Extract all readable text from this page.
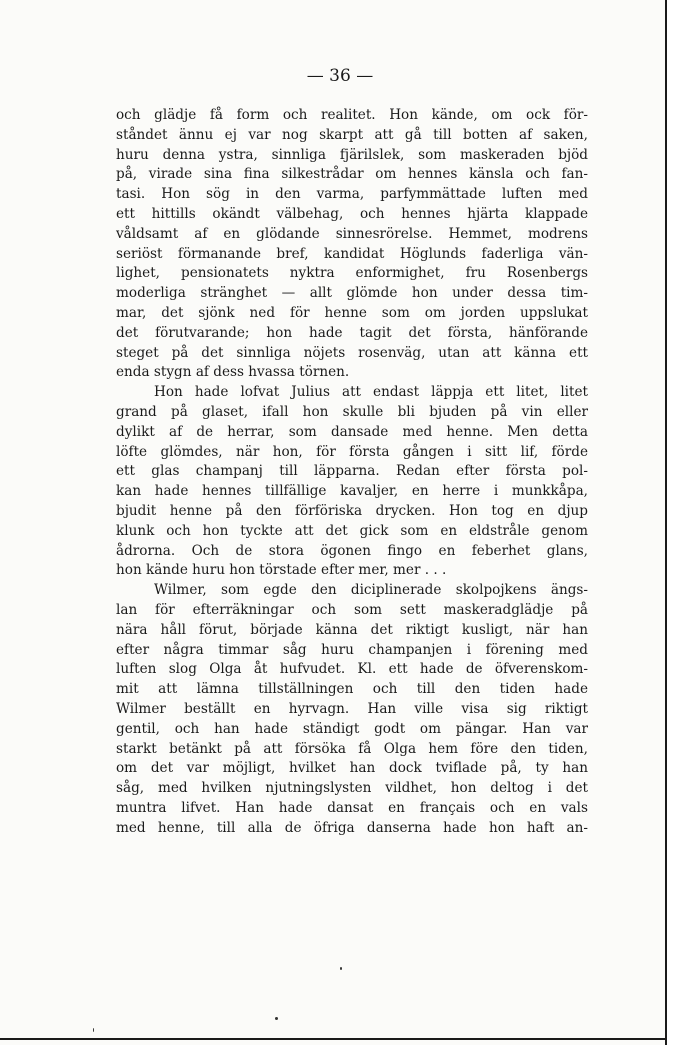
— 36 —
och glädje få form och realitet. Hon kände, om ock för-
ståndet ännu ej var nog skarpt att gå till botten af saken,
huru denna ystra, sinnliga fjärilslek, som maskeraden bjöd
på, virade sina fina silkestrådar om hennes känsla och fan-
tasi. Hon sög in den varma, parfymmättade luften med
ett hittills okändt välbehag, och hennes hjärta klappade
våldsamt af en glödande sinnesrörelse. Hemmet, modrens
seriöst förmanande bref, kandidat Höglunds faderliga vän-
lighet, pensionatets nyktra enformighet, fru Rosenbergs
moderliga stränghet — allt glömde hon under dessa tim-
mar, det sjönk ned för henne som om jorden uppslukat
det förutvarande; hon hade tagit det första, hänförande
steget på det sinnliga nöjets rosenväg, utan att känna ett
enda stygn af dess hvassa törnen.
Hon hade lofvat Julius att endast läppja ett litet, litet
grand på glaset, ifall hon skulle bli bjuden på vin eller
dylikt af de herrar, som dansade med henne. Men detta
löfte glömdes, när hon, för första gången i sitt lif, förde
ett glas champanj till läpparna. Redan efter första pol-
kan hade hennes tillfällige kavaljer, en herre i munkkåpa,
bjudit henne på den förföriska drycken. Hon tog en djup
klunk och hon tyckte att det gick som en eldstråle genom
ådrorna. Och de stora ögonen fingo en feberhet glans,
hon kände huru hon törstade efter mer, mer . . .
Wilmer, som egde den diciplinerade skolpojkens ängs-
lan för efterräkningar och som sett maskeradglädje på
nära håll förut, började känna det riktigt kusligt, när han
efter några timmar såg huru champanjen i förening med
luften slog Olga åt hufvudet. Kl. ett hade de öfverenskom-
mit att lämna tillställningen och till den tiden hade
Wilmer beställt en hyrvagn. Han ville visa sig riktigt
gentil, och han hade ständigt godt om pängar. Han var
starkt betänkt på att försöka få Olga hem före den tiden,
om det var möjligt, hvilket han dock tviflade på, ty han
såg, med hvilken njutningslysten vildhet, hon deltog i det
muntra lifvet. Han hade dansat en français och en vals
med henne, till alla de öfriga danserna hade hon haft an-
